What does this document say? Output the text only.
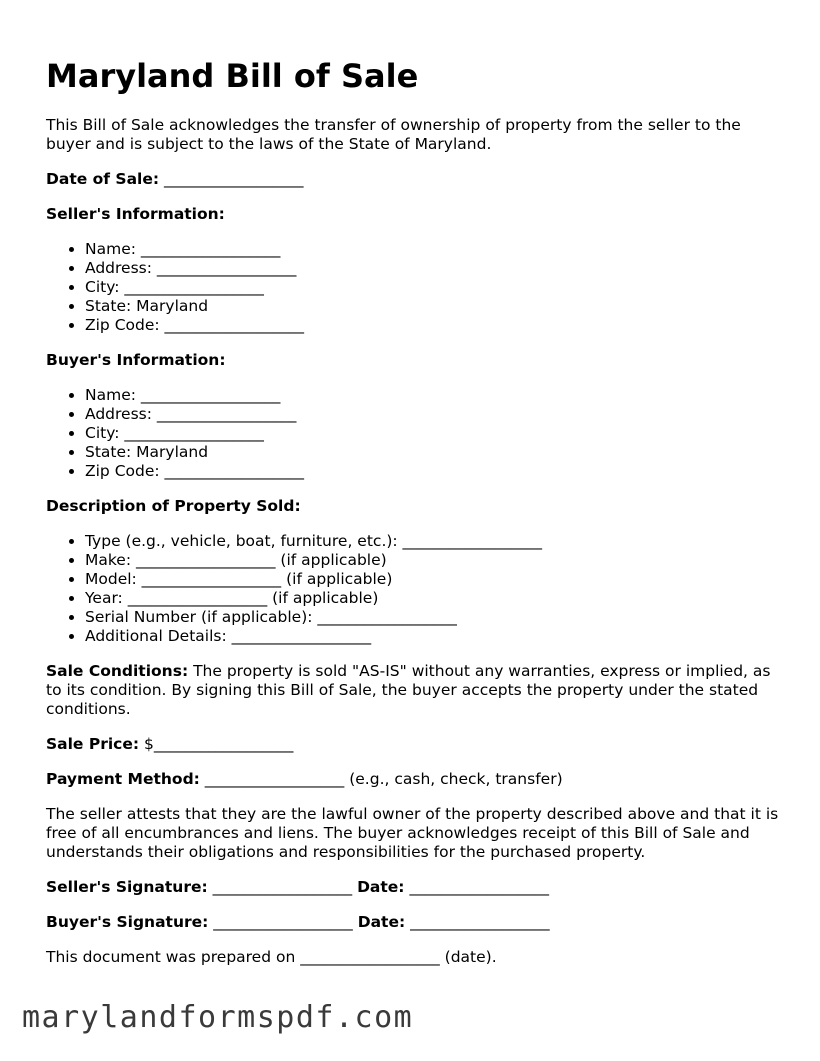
Maryland Bill of Sale

This Bill of Sale acknowledges the transfer of ownership of property from the seller to the buyer and is subject to the laws of the State of Maryland.

Date of Sale: __________________

Seller's Information:

• Name: __________________
• Address: __________________
• City: __________________
• State: Maryland
• Zip Code: __________________

Buyer's Information:

• Name: __________________
• Address: __________________
• City: __________________
• State: Maryland
• Zip Code: __________________

Description of Property Sold:

• Type (e.g., vehicle, boat, furniture, etc.): __________________
• Make: __________________ (if applicable)
• Model: __________________ (if applicable)
• Year: __________________ (if applicable)
• Serial Number (if applicable): __________________
• Additional Details: __________________

Sale Conditions: The property is sold "AS-IS" without any warranties, express or implied, as to its condition. By signing this Bill of Sale, the buyer accepts the property under the stated conditions.

Sale Price: $__________________

Payment Method: __________________ (e.g., cash, check, transfer)

The seller attests that they are the lawful owner of the property described above and that it is free of all encumbrances and liens. The buyer acknowledges receipt of this Bill of Sale and understands their obligations and responsibilities for the purchased property.

Seller's Signature: __________________ Date: __________________

Buyer's Signature: __________________ Date: __________________

This document was prepared on __________________ (date).

marylandformspdf.com
